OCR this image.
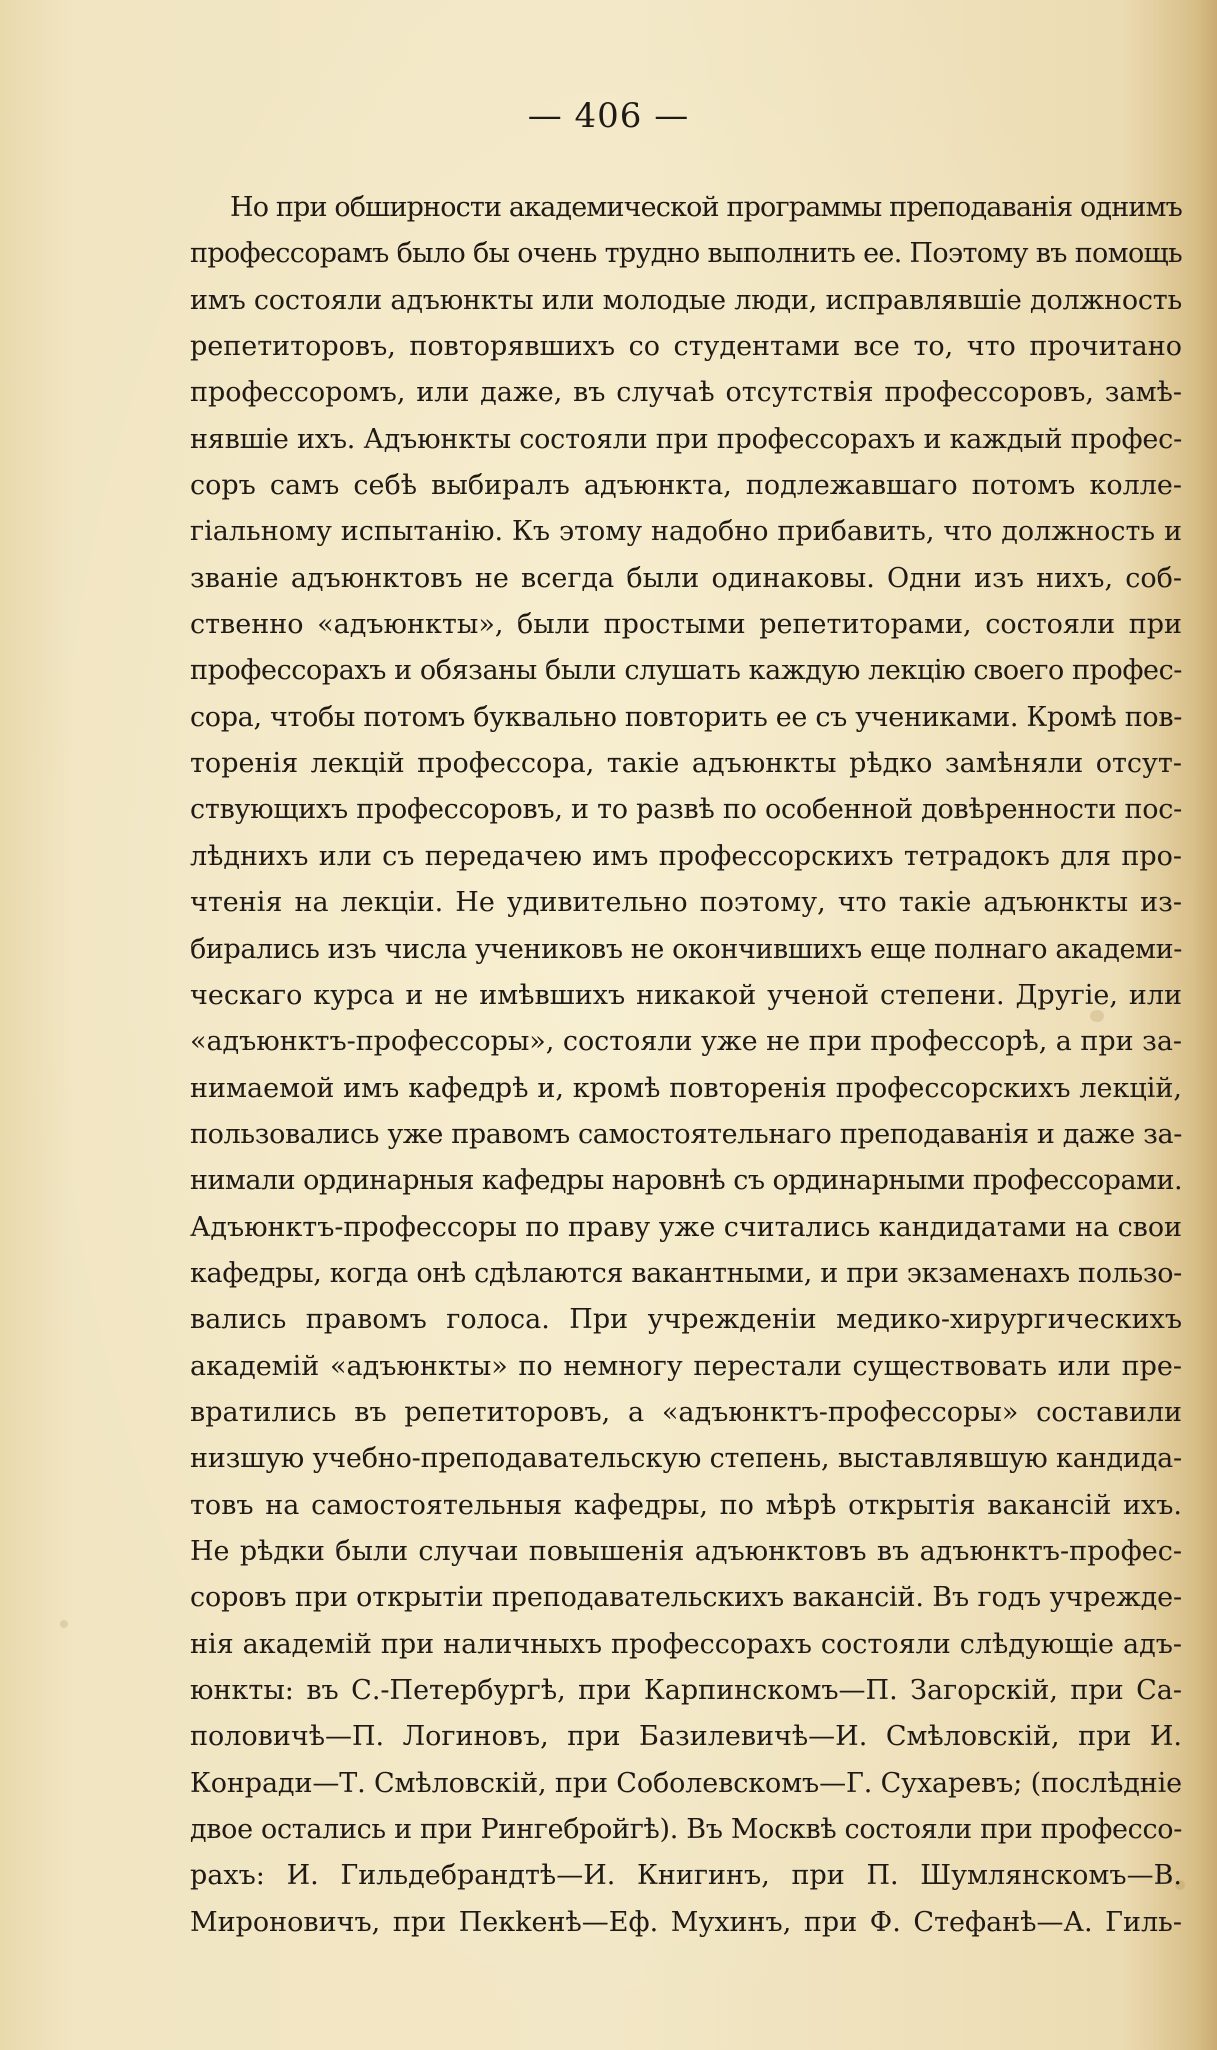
— 406 —
Но при обширности академической программы преподаванія однимъ
профессорамъ было бы очень трудно выполнить ее. Поэтому въ помощь
имъ состояли адъюнкты или молодые люди, исправлявшіе должность
репетиторовъ, повторявшихъ со студентами все то, что прочитано
профессоромъ, или даже, въ случаѣ отсутствія профессоровъ, замѣ-
нявшіе ихъ. Адъюнкты состояли при профессорахъ и каждый профес-
соръ самъ себѣ выбиралъ адъюнкта, подлежавшаго потомъ колле-
гіальному испытанію. Къ этому надобно прибавить, что должность и
званіе адъюнктовъ не всегда были одинаковы. Одни изъ нихъ, соб-
ственно «адъюнкты», были простыми репетиторами, состояли при
профессорахъ и обязаны были слушать каждую лекцію своего профес-
сора, чтобы потомъ буквально повторить ее съ учениками. Кромѣ пов-
торенія лекцій профессора, такіе адъюнкты рѣдко замѣняли отсут-
ствующихъ профессоровъ, и то развѣ по особенной довѣренности пос-
лѣднихъ или съ передачею имъ профессорскихъ тетрадокъ для про-
чтенія на лекціи. Не удивительно поэтому, что такіе адъюнкты из-
бирались изъ числа учениковъ не окончившихъ еще полнаго академи-
ческаго курса и не имѣвшихъ никакой ученой степени. Другіе, или
«адъюнктъ-профессоры», состояли уже не при профессорѣ, а при за-
нимаемой имъ кафедрѣ и, кромѣ повторенія профессорскихъ лекцій,
пользовались уже правомъ самостоятельнаго преподаванія и даже за-
нимали ординарныя кафедры наровнѣ съ ординарными профессорами.
Адъюнктъ-профессоры по праву уже считались кандидатами на свои
кафедры, когда онѣ сдѣлаются вакантными, и при экзаменахъ пользо-
вались правомъ голоса. При учрежденіи медико-хирургическихъ
академій «адъюнкты» по немногу перестали существовать или пре-
вратились въ репетиторовъ, а «адъюнктъ-профессоры» составили
низшую учебно-преподавательскую степень, выставлявшую кандида-
товъ на самостоятельныя кафедры, по мѣрѣ открытія вакансій ихъ.
Не рѣдки были случаи повышенія адъюнктовъ въ адъюнктъ-профес-
соровъ при открытіи преподавательскихъ вакансій. Въ годъ учрежде-
нія академій при наличныхъ профессорахъ состояли слѣдующіе адъ-
юнкты: въ С.-Петербургѣ, при Карпинскомъ—П. Загорскій, при Са-
половичѣ—П. Логиновъ, при Базилевичѣ—И. Смѣловскій, при И.
Конради—Т. Смѣловскій, при Соболевскомъ—Г. Сухаревъ; (послѣдніе
двое остались и при Рингебройгѣ). Въ Москвѣ состояли при профессо-
рахъ: И. Гильдебрандтѣ—И. Книгинъ, при П. Шумлянскомъ—В.
Мироновичъ, при Пекkенѣ—Еф. Мухинъ, при Ф. Стефанѣ—А. Гиль-
